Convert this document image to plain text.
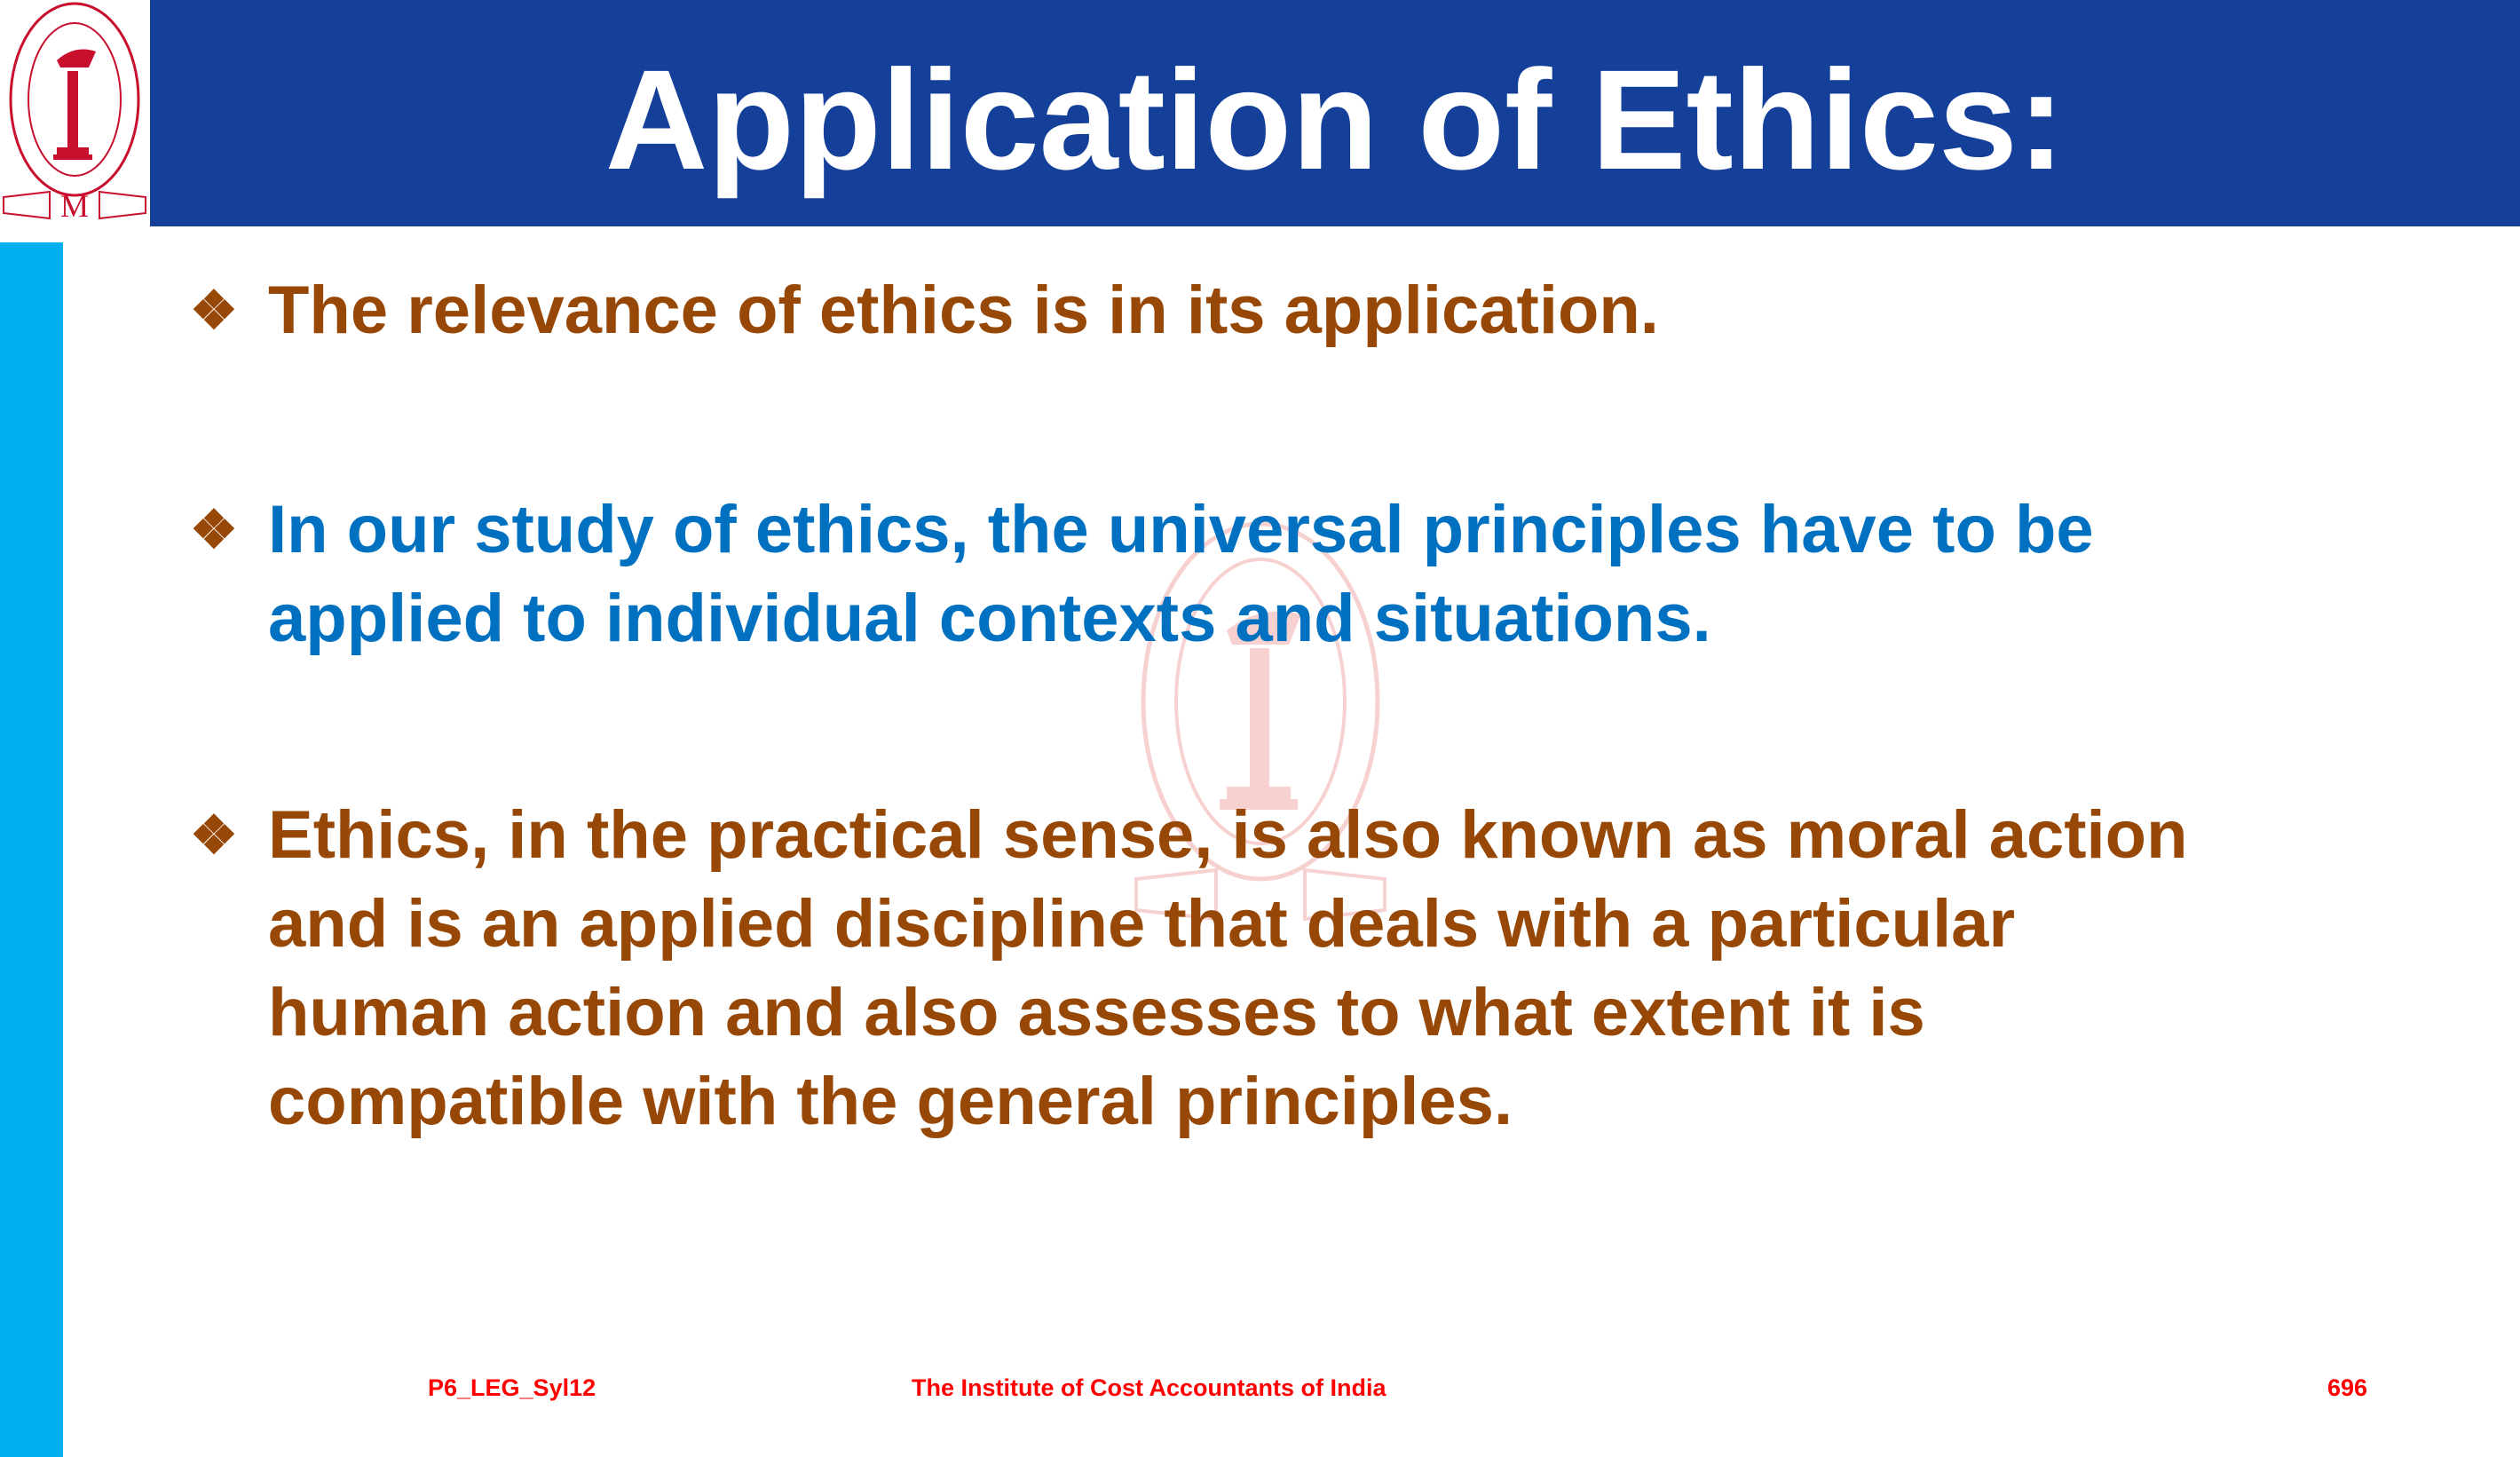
Application of Ethics:
M
❖ The relevance of ethics is in its application.
❖ In our study of ethics, the universal principles have to be
applied to individual contexts and situations.
❖ Ethics, in the practical sense, is also known as moral action
and is an applied discipline that deals with a particular
human action and also assesses to what extent it is
compatible with the general principles.
P6_LEG_Syl12	The Institute of Cost Accountants of India	696
